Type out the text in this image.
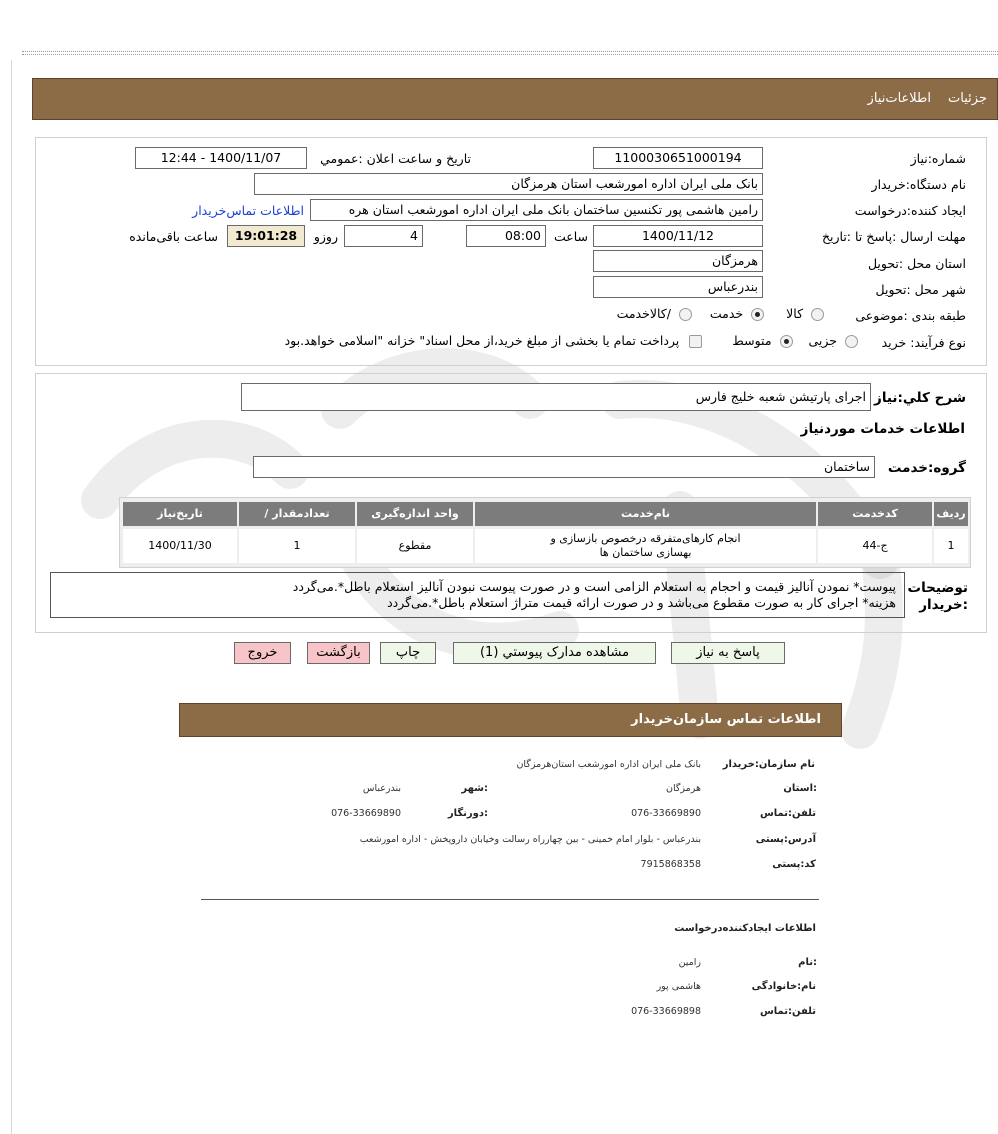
جزئیات
اطلاعات‌نیاز
شماره:نیاز
1100030651000194
تاریخ و ساعت اعلان :عمومي
1400/11/07 - 12:44
نام دستگاه:خریدار
بانک ملی ایران اداره امورشعب استان هرمزگان
ایجاد کننده:درخواست
رامین هاشمی پور تکنسین ساختمان بانک ملی ایران اداره امورشعب استان هره
اطلاعات تماس‌خریدار
مهلت ارسال :پاسخ تا :تاریخ
1400/11/12
ساعت
08:00
4
روزو
19:01:28
ساعت باقی‌مانده
استان محل :تحویل
هرمزگان
شهر محل :تحویل
بندرعباس
طبقه بندی :موضوعی
کالا  خدمت  /کالاخدمت
نوع فرآیند: خرید
جزیی  متوسط  پرداخت تمام یا بخشی از مبلغ خرید،از محل اسناد" خزانه "اسلامی خواهد.بود
شرح کلي:نیاز
اجرای پارتیشن شعبه خلیج فارس
اطلاعات خدمات موردنیاز
گروه:خدمت
ساختمان
ردیف
کدخدمت
نام‌خدمت
واحد اندازه‌گیری
/ تعدادمقدار
تاریخ‌نیاز
1
ج-44
انجام کارهای‌متفرقه درخصوص بازسازی و بهسازی ساختمان ها
مقطوع
1
1400/11/30
توضیحات
:خریدار
پیوست* نمودن آنالیز قیمت و احجام به استعلام الزامی است و در صورت پیوست نبودن آنالیز استعلام باطل*.می‌گردد
هزینه* اجرای کار به صورت مقطوع می‌باشد و در صورت ارائه قیمت متراژ استعلام باطل*.می‌گردد
پاسخ به نیاز
مشاهده مدارک پیوستي (1)
چاپ
بازگشت
خروج
اطلاعات تماس سازمان‌خریدار
نام سازمان:خریدار
بانک ملی ایران اداره امورشعب استان‌هرمزگان
:استان
هرمزگان
:شهر
بندرعباس
تلفن:تماس
076-33669890
:دورنگار
076-33669890
آدرس:پستی
بندرعباس - بلوار امام خمینی - بین چهارراه رسالت وخیابان داروپخش - اداره امورشعب
کد:پستی
7915868358
اطلاعات ایجادکننده‌درخواست
:نام
رامین
نام:خانوادگی
هاشمی پور
تلفن:تماس
076-33669898
